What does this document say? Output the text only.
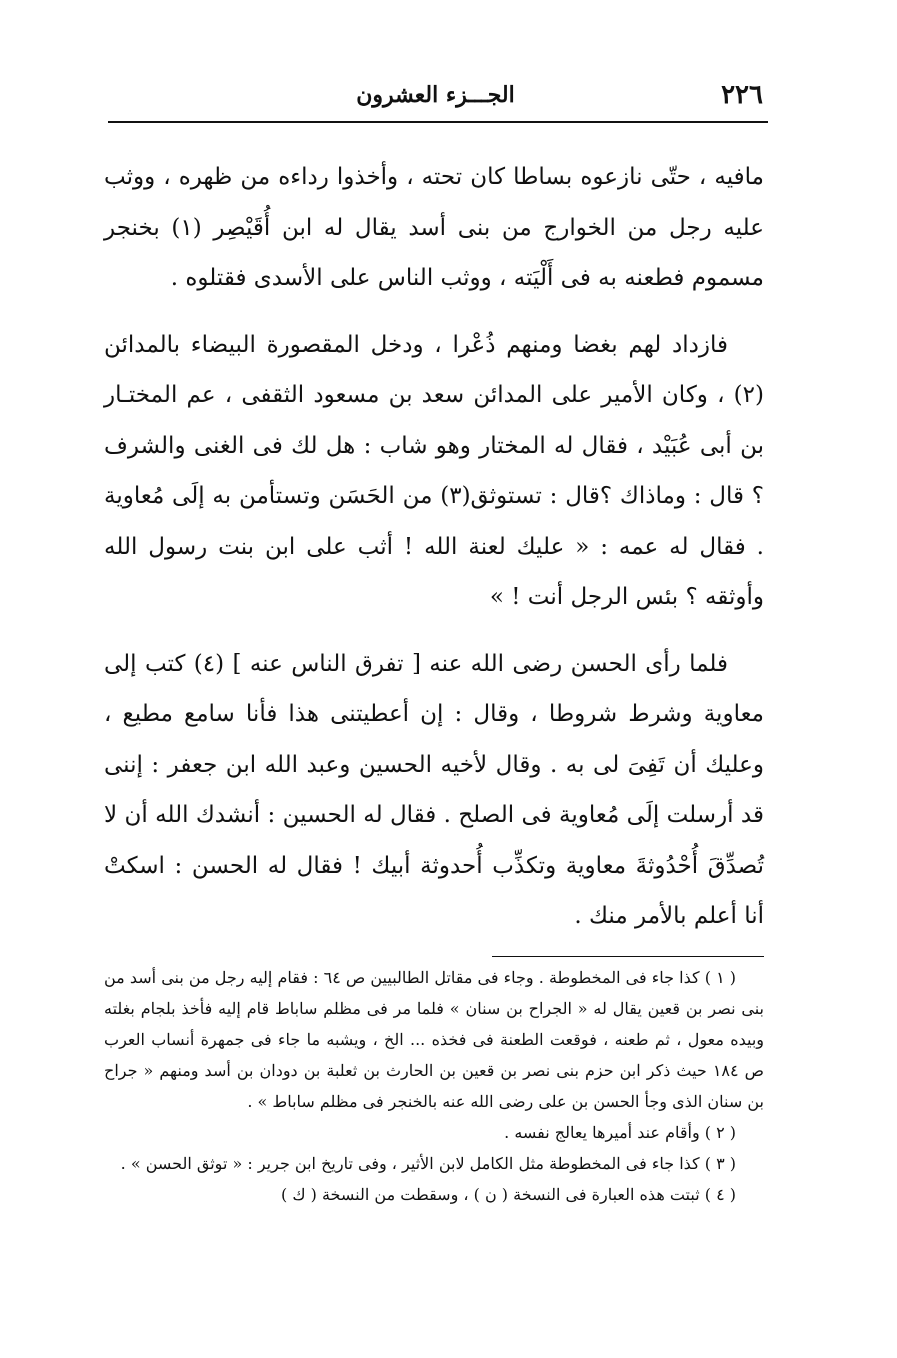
٢٢٦
الجـــزء العشرون

مافيه ، حتّى نازعوه بساطا كان تحته ، وأخذوا رداءه من ظهره ، ووثب عليه رجل من الخوارج من بنى أسد يقال له ابن أُقَيْصِر (١) بخنجر مسموم فطعنه به فى أَلْيَته ، ووثب الناس على الأسدى فقتلوه .

فازداد لهم بغضا ومنهم ذُعْرا ، ودخل المقصورة البيضاء بالمدائن (٢) ، وكان الأمير على المدائن سعد بن مسعود الثقفى ، عم المختـار بن أبى عُبَيْد ، فقال له المختار وهو شاب : هل لك فى الغنى والشرف ؟ قال : وماذاك ؟قال : تستوثق(٣) من الحَسَن وتستأمن به إلَى مُعاوية . فقال له عمه : « عليك لعنة الله ! أثب على ابن بنت رسول الله وأوثقه ؟ بئس الرجل أنت ! »

فلما رأى الحسن رضى الله عنه [ تفرق الناس عنه ] (٤) كتب إلى معاوية وشرط شروطا ، وقال : إن أعطيتنى هذا فأنا سامع مطيع ، وعليك أن تَفِىَ لى به . وقال لأخيه الحسين وعبد الله ابن جعفر : إننى قد أرسلت إلَى مُعاوية فى الصلح . فقال له الحسين : أنشدك الله أن لا تُصدِّقَ أُحْدُوثةَ معاوية وتكذِّب أُحدوثة أبيك ! فقال له الحسن : اسكتْ أنا أعلم بالأمر منك .

( ١ ) كذا جاء فى المخطوطة . وجاء فى مقاتل الطالبيين ص ٦٤ : فقام إليه رجل من بنى أسد من بنى نصر بن قعين يقال له « الجراح بن سنان » فلما مر فى مظلم ساباط قام إليه فأخذ بلجام بغلته وبيده معول ، ثم طعنه ، فوقعت الطعنة فى فخذه ... الخ ، ويشبه ما جاء فى جمهرة أنساب العرب ص ١٨٤ حيث ذكر ابن حزم بنى نصر بن قعين بن الحارث بن ثعلبة بن دودان بن أسد ومنهم « جراح بن سنان الذى وجأ الحسن بن على رضى الله عنه بالخنجر فى مظلم ساباط » .

( ٢ ) وأقام عند أميرها يعالج نفسه .

( ٣ ) كذا جاء فى المخطوطة مثل الكامل لابن الأثير ، وفى تاريخ ابن جرير : « توثق الحسن » .

( ٤ ) ثبتت هذه العبارة فى النسخة ( ن ) ، وسقطت من النسخة ( ك )
